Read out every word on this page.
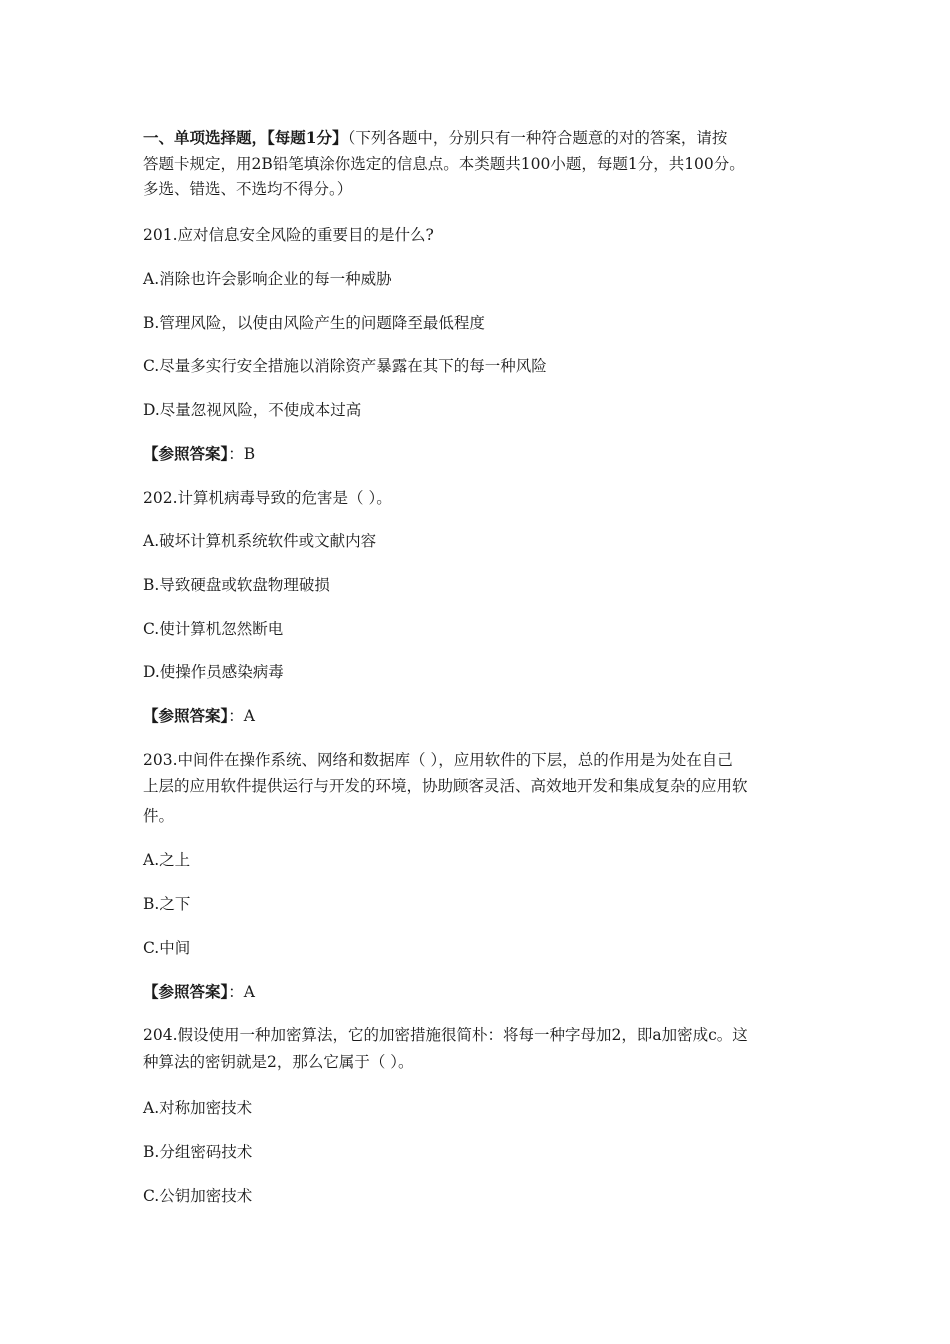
一、单项选择题，【每题1分】（下列各题中，分别只有一种符合题意的对的答案，请按
答题卡规定，用2B铅笔填涂你选定的信息点。本类题共100小题，每题1分，共100分。
多选、错选、不选均不得分。）
201.应对信息安全风险的重要目的是什么?
A.消除也许会影响企业的每一种威胁
B.管理风险，以使由风险产生的问题降至最低程度
C.尽量多实行安全措施以消除资产暴露在其下的每一种风险
D.尽量忽视风险，不使成本过高
【参照答案】：B
202.计算机病毒导致的危害是（ ）。
A.破坏计算机系统软件或文献内容
B.导致硬盘或软盘物理破损
C.使计算机忽然断电
D.使操作员感染病毒
【参照答案】：A
203.中间件在操作系统、网络和数据库（ ），应用软件的下层，总的作用是为处在自己
上层的应用软件提供运行与开发的环境，协助顾客灵活、高效地开发和集成复杂的应用软
件。
A.之上
B.之下
C.中间
【参照答案】：A
204.假设使用一种加密算法，它的加密措施很简朴：将每一种字母加2，即a加密成c。这
种算法的密钥就是2，那么它属于（ ）。
A.对称加密技术
B.分组密码技术
C.公钥加密技术
